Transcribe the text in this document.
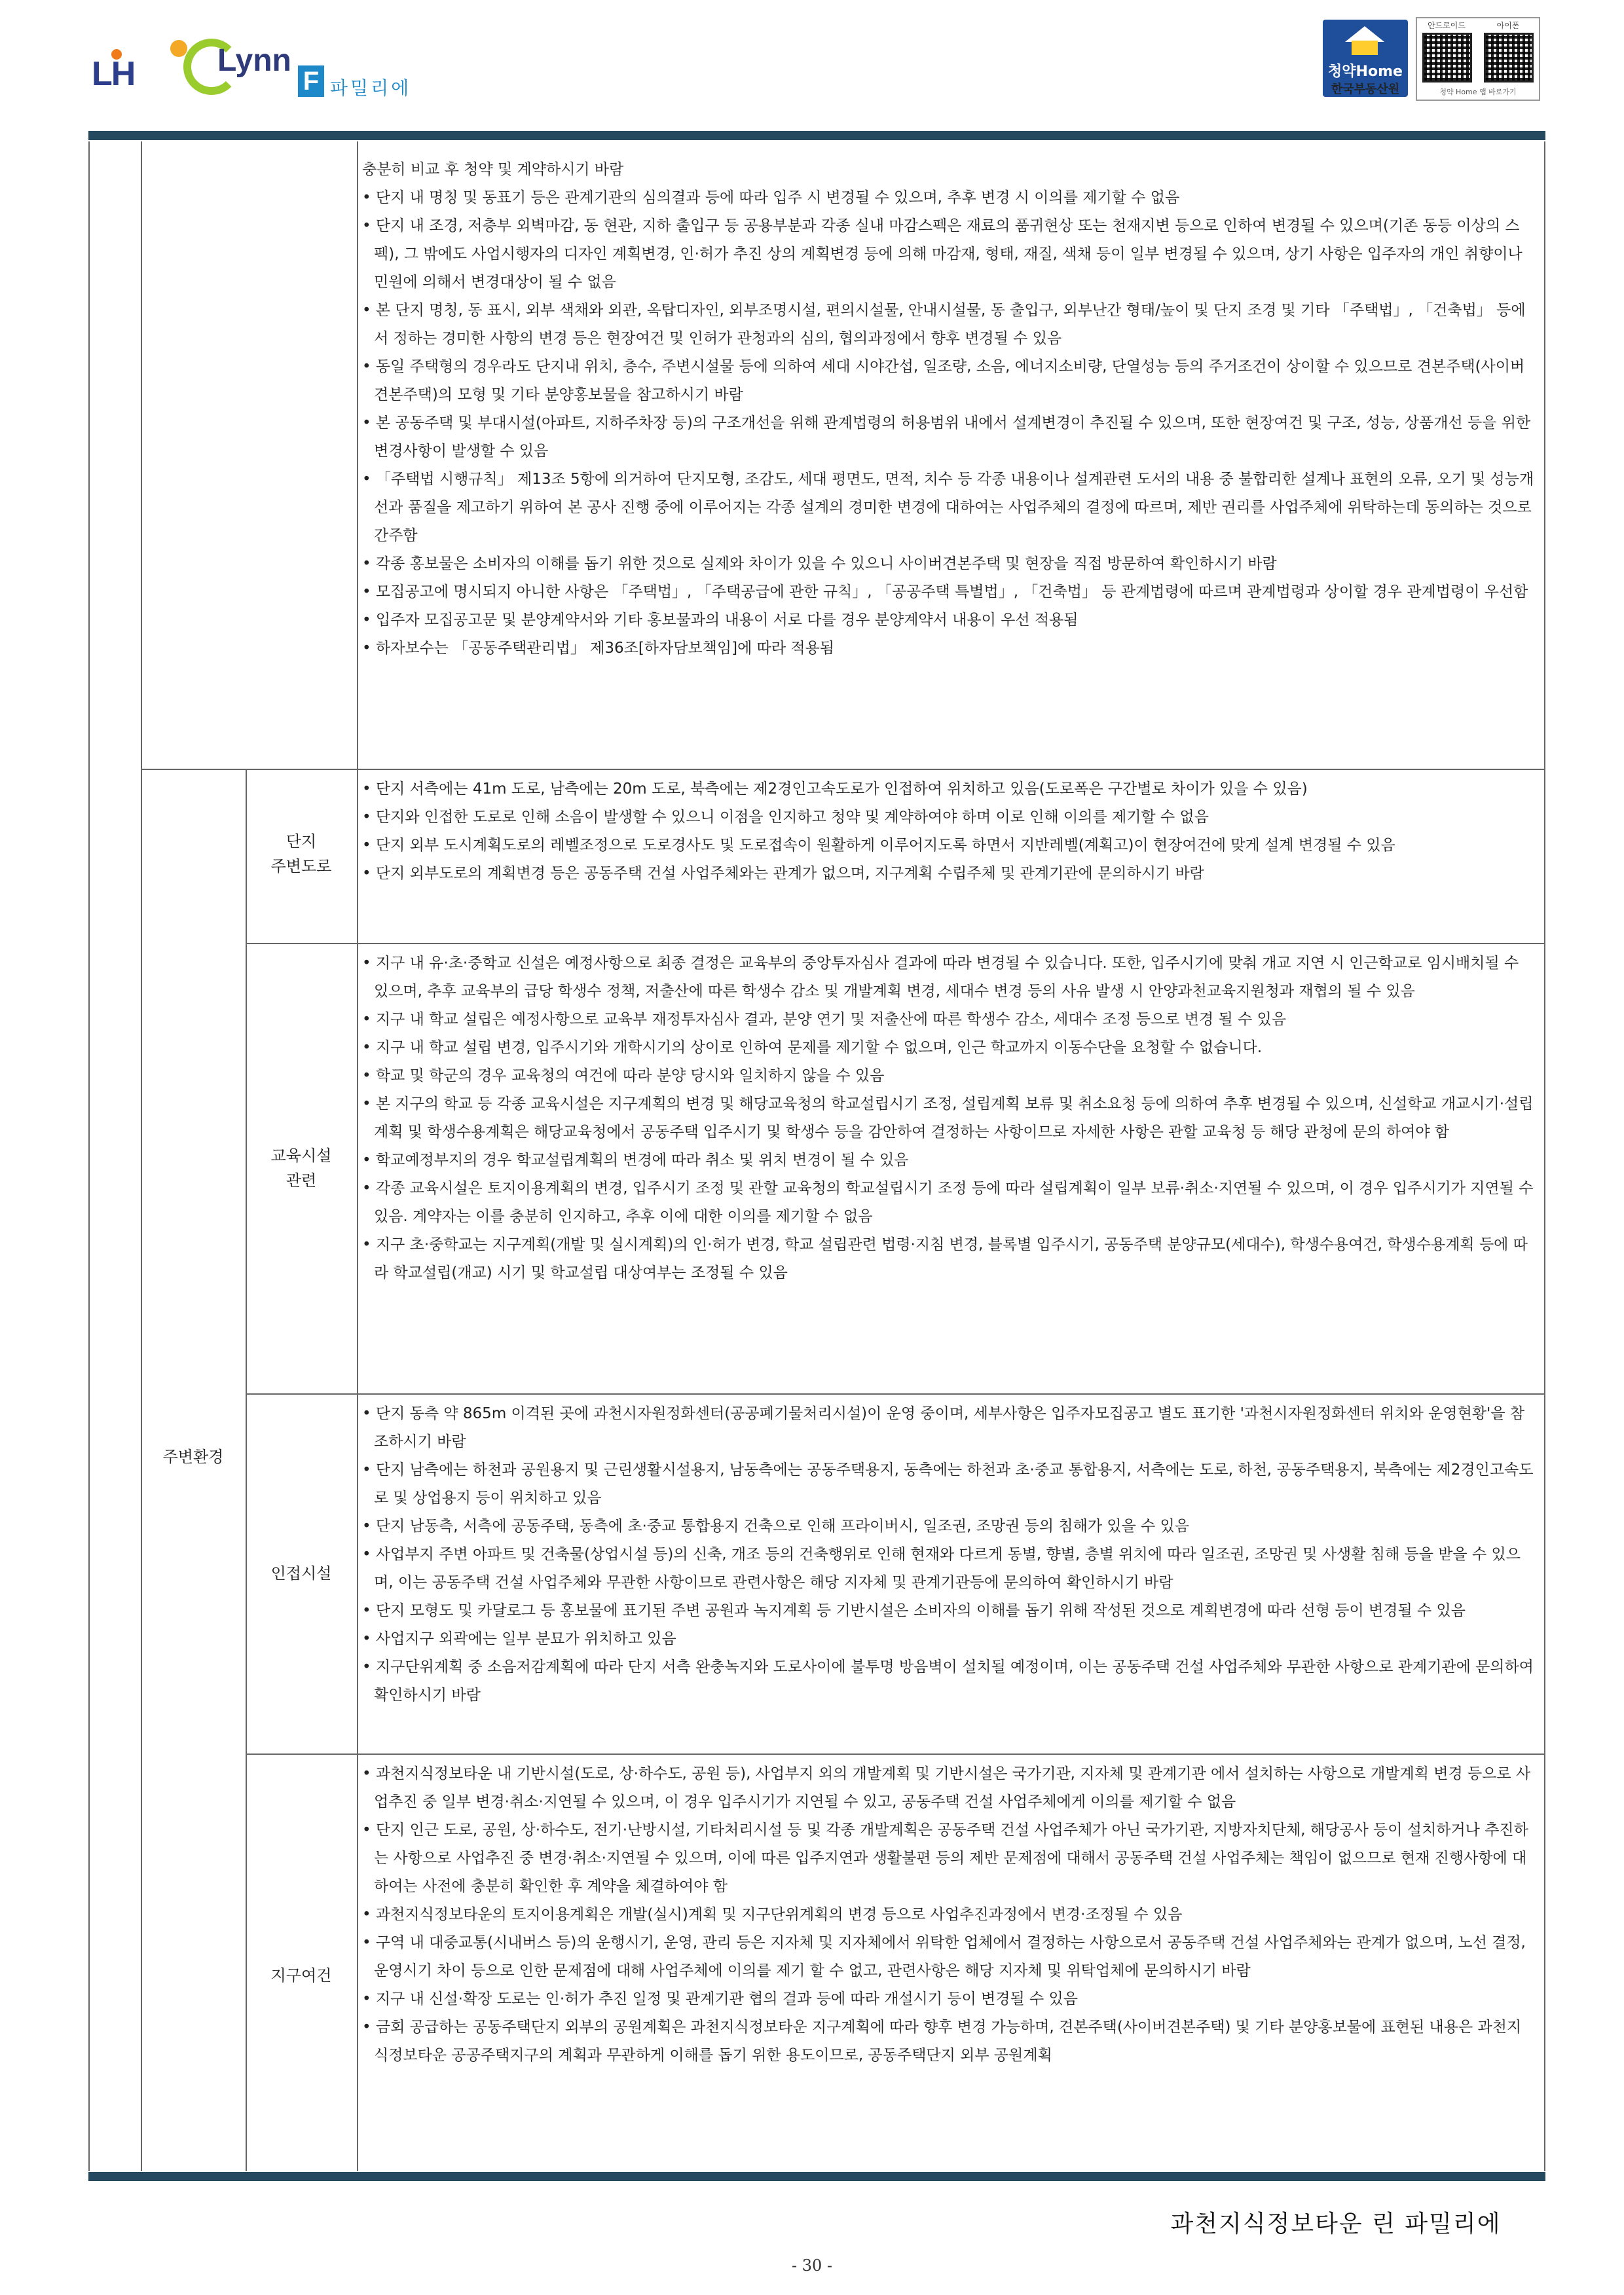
LH	Lynn
F 파밀리에
청약Home
한국부동산원
안드로이드	아이폰
청약 Home 앱 바로가기

충분히 비교 후 청약 및 계약하시기 바람

• 단지 내 명칭 및 동표기 등은 관계기관의 심의결과 등에 따라 입주 시 변경될 수 있으며, 추후 변경 시 이의를 제기할 수 없음

• 단지 내 조경, 저층부 외벽마감, 동 현관, 지하 출입구 등 공용부분과 각종 실내 마감스펙은 재료의 품귀현상 또는 천재지변 등으로 인하여 변경될 수 있으며(기존 동등 이상의 스펙), 그 밖에도 사업시행자의 디자인 계획변경, 인·허가 추진 상의 계획변경 등에 의해 마감재, 형태, 재질, 색채 등이 일부 변경될 수 있으며, 상기 사항은 입주자의 개인 취향이나 민원에 의해서 변경대상이 될 수 없음

• 본 단지 명칭, 동 표시, 외부 색채와 외관, 옥탑디자인, 외부조명시설, 편의시설물, 안내시설물, 동 출입구, 외부난간 형태/높이 및 단지 조경 및 기타 「주택법」, 「건축법」 등에서 정하는 경미한 사항의 변경 등은 현장여건 및 인허가 관청과의 심의, 협의과정에서 향후 변경될 수 있음

• 동일 주택형의 경우라도 단지내 위치, 층수, 주변시설물 등에 의하여 세대 시야간섭, 일조량, 소음, 에너지소비량, 단열성능 등의 주거조건이 상이할 수 있으므로 견본주택(사이버견본주택)의 모형 및 기타 분양홍보물을 참고하시기 바람

• 본 공동주택 및 부대시설(아파트, 지하주차장 등)의 구조개선을 위해 관계법령의 허용범위 내에서 설계변경이 추진될 수 있으며, 또한 현장여건 및 구조, 성능, 상품개선 등을 위한 변경사항이 발생할 수 있음

• 「주택법 시행규칙」 제13조 5항에 의거하여 단지모형, 조감도, 세대 평면도, 면적, 치수 등 각종 내용이나 설계관련 도서의 내용 중 불합리한 설계나 표현의 오류, 오기 및 성능개선과 품질을 제고하기 위하여 본 공사 진행 중에 이루어지는 각종 설계의 경미한 변경에 대하여는 사업주체의 결정에 따르며, 제반 권리를 사업주체에 위탁하는데 동의하는 것으로 간주함

• 각종 홍보물은 소비자의 이해를 돕기 위한 것으로 실제와 차이가 있을 수 있으니 사이버견본주택 및 현장을 직접 방문하여 확인하시기 바람

• 모집공고에 명시되지 아니한 사항은 「주택법」, 「주택공급에 관한 규칙」, 「공공주택 특별법」, 「건축법」 등 관계법령에 따르며 관계법령과 상이할 경우 관계법령이 우선함

• 입주자 모집공고문 및 분양계약서와 기타 홍보물과의 내용이 서로 다를 경우 분양계약서 내용이 우선 적용됨

• 하자보수는 「공동주택관리법」 제36조[하자담보책임]에 따라 적용됨

주변환경
단지
주변도로

• 단지 서측에는 41m 도로, 남측에는 20m 도로, 북측에는 제2경인고속도로가 인접하여 위치하고 있음(도로폭은 구간별로 차이가 있을 수 있음)

• 단지와 인접한 도로로 인해 소음이 발생할 수 있으니 이점을 인지하고 청약 및 계약하여야 하며 이로 인해 이의를 제기할 수 없음

• 단지 외부 도시계획도로의 레벨조정으로 도로경사도 및 도로접속이 원활하게 이루어지도록 하면서 지반레벨(계획고)이 현장여건에 맞게 설계 변경될 수 있음

• 단지 외부도로의 계획변경 등은 공동주택 건설 사업주체와는 관계가 없으며, 지구계획 수립주체 및 관계기관에 문의하시기 바람

교육시설
관련

• 지구 내 유·초·중학교 신설은 예정사항으로 최종 결정은 교육부의 중앙투자심사 결과에 따라 변경될 수 있습니다. 또한, 입주시기에 맞춰 개교 지연 시 인근학교로 임시배치될 수 있으며, 추후 교육부의 급당 학생수 정책, 저출산에 따른 학생수 감소 및 개발계획 변경, 세대수 변경 등의 사유 발생 시 안양과천교육지원청과 재협의 될 수 있음

• 지구 내 학교 설립은 예정사항으로 교육부 재정투자심사 결과, 분양 연기 및 저출산에 따른 학생수 감소, 세대수 조정 등으로 변경 될 수 있음

• 지구 내 학교 설립 변경, 입주시기와 개학시기의 상이로 인하여 문제를 제기할 수 없으며, 인근 학교까지 이동수단을 요청할 수 없습니다.

• 학교 및 학군의 경우 교육청의 여건에 따라 분양 당시와 일치하지 않을 수 있음

• 본 지구의 학교 등 각종 교육시설은 지구계획의 변경 및 해당교육청의 학교설립시기 조정, 설립계획 보류 및 취소요청 등에 의하여 추후 변경될 수 있으며, 신설학교 개교시기·설립계획 및 학생수용계획은 해당교육청에서 공동주택 입주시기 및 학생수 등을 감안하여 결정하는 사항이므로 자세한 사항은 관할 교육청 등 해당 관청에 문의 하여야 함

• 학교예정부지의 경우 학교설립계획의 변경에 따라 취소 및 위치 변경이 될 수 있음

• 각종 교육시설은 토지이용계획의 변경, 입주시기 조정 및 관할 교육청의 학교설립시기 조정 등에 따라 설립계획이 일부 보류·취소·지연될 수 있으며, 이 경우 입주시기가 지연될 수 있음. 계약자는 이를 충분히 인지하고, 추후 이에 대한 이의를 제기할 수 없음

• 지구 초·중학교는 지구계획(개발 및 실시계획)의 인·허가 변경, 학교 설립관련 법령·지침 변경, 블록별 입주시기, 공동주택 분양규모(세대수), 학생수용여건, 학생수용계획 등에 따라 학교설립(개교) 시기 및 학교설립 대상여부는 조정될 수 있음

인접시설

• 단지 동측 약 865m 이격된 곳에 과천시자원정화센터(공공폐기물처리시설)이 운영 중이며, 세부사항은 입주자모집공고 별도 표기한 '과천시자원정화센터 위치와 운영현황'을 참조하시기 바람

• 단지 남측에는 하천과 공원용지 및 근린생활시설용지, 남동측에는 공동주택용지, 동측에는 하천과 초·중교 통합용지, 서측에는 도로, 하천, 공동주택용지, 북측에는 제2경인고속도로 및 상업용지 등이 위치하고 있음

• 단지 남동측, 서측에 공동주택, 동측에 초·중교 통합용지 건축으로 인해 프라이버시, 일조권, 조망권 등의 침해가 있을 수 있음

• 사업부지 주변 아파트 및 건축물(상업시설 등)의 신축, 개조 등의 건축행위로 인해 현재와 다르게 동별, 향별, 층별 위치에 따라 일조권, 조망권 및 사생활 침해 등을 받을 수 있으며, 이는 공동주택 건설 사업주체와 무관한 사항이므로 관련사항은 해당 지자체 및 관계기관등에 문의하여 확인하시기 바람

• 단지 모형도 및 카달로그 등 홍보물에 표기된 주변 공원과 녹지계획 등 기반시설은 소비자의 이해를 돕기 위해 작성된 것으로 계획변경에 따라 선형 등이 변경될 수 있음

• 사업지구 외곽에는 일부 분묘가 위치하고 있음

• 지구단위계획 중 소음저감계획에 따라 단지 서측 완충녹지와 도로사이에 불투명 방음벽이 설치될 예정이며, 이는 공동주택 건설 사업주체와 무관한 사항으로 관계기관에 문의하여 확인하시기 바람

지구여건

• 과천지식정보타운 내 기반시설(도로, 상·하수도, 공원 등), 사업부지 외의 개발계획 및 기반시설은 국가기관, 지자체 및 관계기관 에서 설치하는 사항으로 개발계획 변경 등으로 사업추진 중 일부 변경·취소·지연될 수 있으며, 이 경우 입주시기가 지연될 수 있고, 공동주택 건설 사업주체에게 이의를 제기할 수 없음

• 단지 인근 도로, 공원, 상·하수도, 전기·난방시설, 기타처리시설 등 및 각종 개발계획은 공동주택 건설 사업주체가 아닌 국가기관, 지방자치단체, 해당공사 등이 설치하거나 추진하는 사항으로 사업추진 중 변경·취소·지연될 수 있으며, 이에 따른 입주지연과 생활불편 등의 제반 문제점에 대해서 공동주택 건설 사업주체는 책임이 없으므로 현재 진행사항에 대하여는 사전에 충분히 확인한 후 계약을 체결하여야 함

• 과천지식정보타운의 토지이용계획은 개발(실시)계획 및 지구단위계획의 변경 등으로 사업추진과정에서 변경·조정될 수 있음

• 구역 내 대중교통(시내버스 등)의 운행시기, 운영, 관리 등은 지자체 및 지자체에서 위탁한 업체에서 결정하는 사항으로서 공동주택 건설 사업주체와는 관계가 없으며, 노선 결정, 운영시기 차이 등으로 인한 문제점에 대해 사업주체에 이의를 제기 할 수 없고, 관련사항은 해당 지자체 및 위탁업체에 문의하시기 바람

• 지구 내 신설·확장 도로는 인·허가 추진 일정 및 관계기관 협의 결과 등에 따라 개설시기 등이 변경될 수 있음

• 금회 공급하는 공동주택단지 외부의 공원계획은 과천지식정보타운 지구계획에 따라 향후 변경 가능하며, 견본주택(사이버견본주택) 및 기타 분양홍보물에 표현된 내용은 과천지식정보타운 공공주택지구의 계획과 무관하게 이해를 돕기 위한 용도이므로, 공동주택단지 외부 공원계획

과천지식정보타운 린 파밀리에
- 30 -
